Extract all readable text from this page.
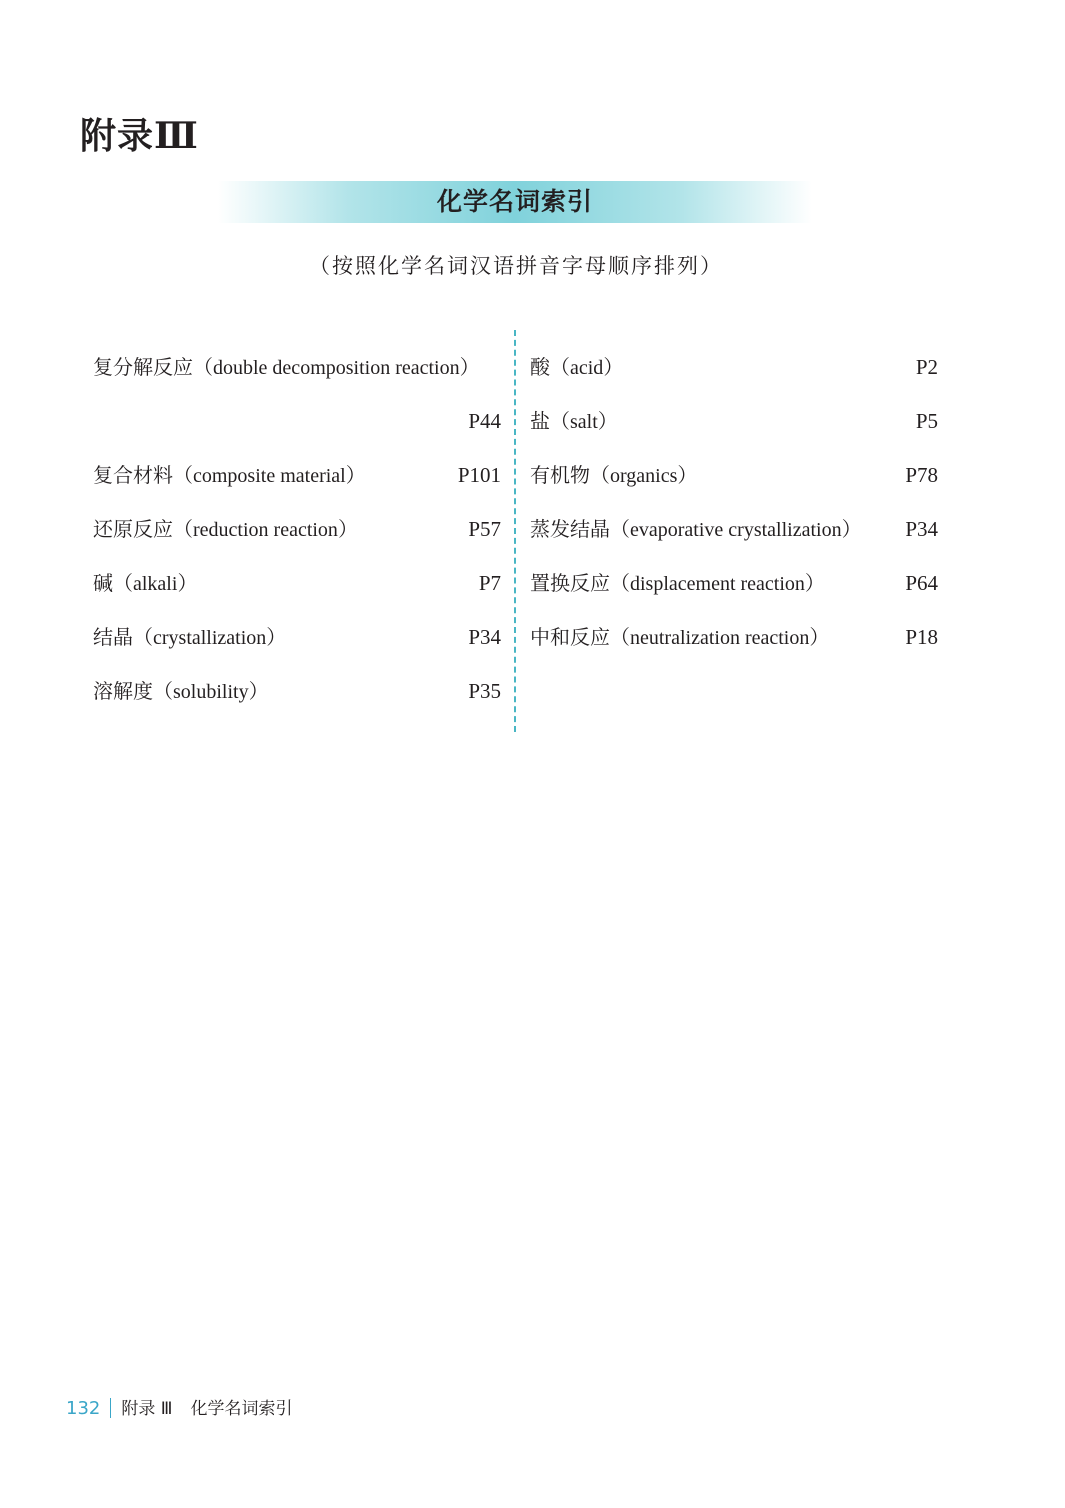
附录Ⅲ
化学名词索引
（按照化学名词汉语拼音字母顺序排列）
复分解反应（double decomposition reaction）
P44
复合材料（composite material）	P101
还原反应（reduction reaction）	P57
碱（alkali）	P7
结晶（crystallization）	P34
溶解度（solubility）	P35
酸（acid）	P2
盐（salt）	P5
有机物（organics）	P78
蒸发结晶（evaporative crystallization） P34
置换反应（displacement reaction）	P64
中和反应（neutralization reaction）	P18
132 附录 Ⅲ 化学名词索引
